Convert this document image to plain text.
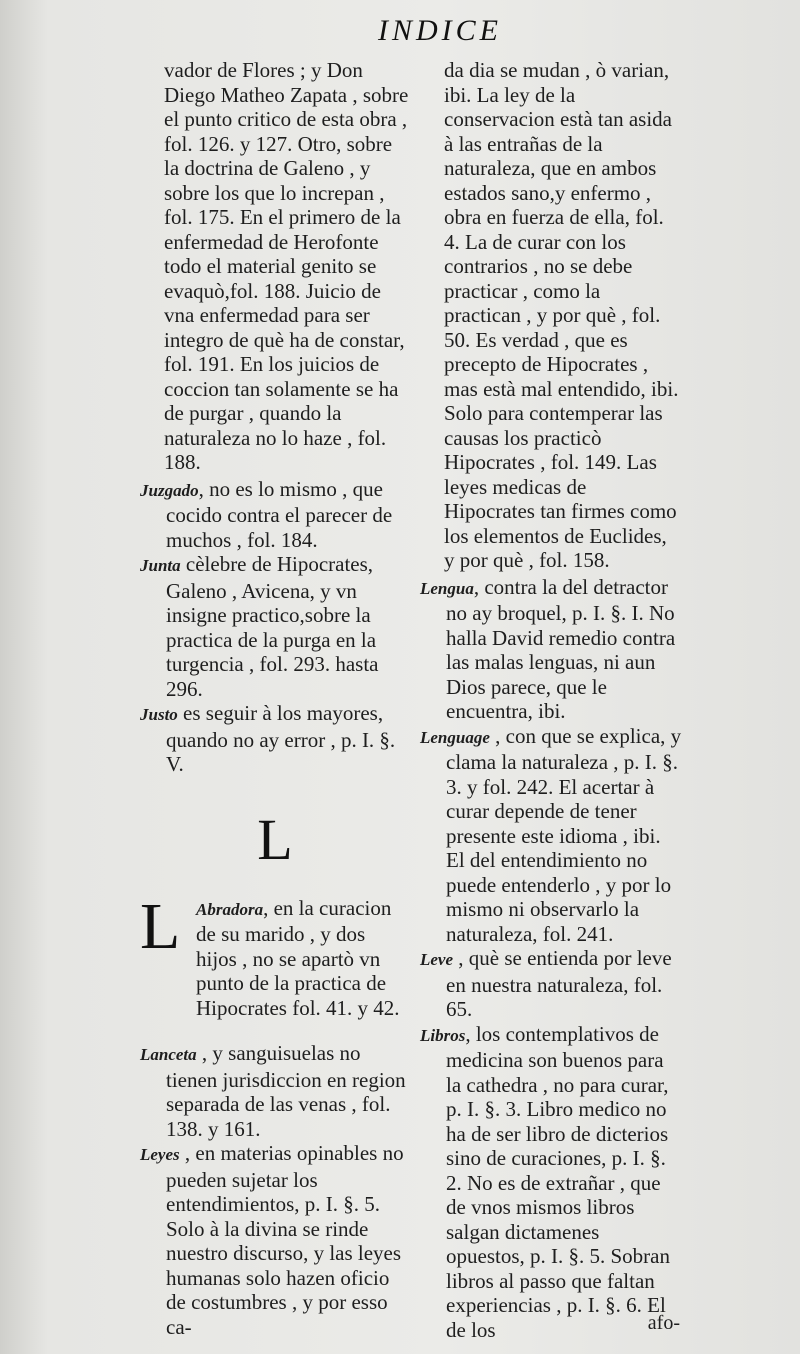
INDICE

vador de Flores ; y Don Diego Matheo Zapata , sobre el punto critico de esta obra , fol. 126. y 127. Otro, sobre la doctrina de Galeno , y sobre los que lo increpan , fol. 175. En el primero de la enfermedad de Herofonte todo el material genito se evaquò,fol. 188. Juicio de vna enfermedad para ser integro de què ha de constar, fol. 191. En los juicios de coccion tan solamente se ha de purgar , quando la naturaleza no lo haze , fol. 188.

Juzgado, no es lo mismo , que cocido contra el parecer de muchos , fol. 184.

Junta cèlebre de Hipocrates, Galeno , Avicena, y vn insigne practico,sobre la practica de la purga en la turgencia , fol. 293. hasta 296.

Justo es seguir à los mayores, quando no ay error , p. I. §. V.

L
L Abradora, en la curacion de su marido , y dos hijos , no se apartò vn punto de la practica de Hipocrates fol. 41. y 42.

Lanceta , y sanguisuelas no tienen jurisdiccion en region separada de las venas , fol. 138. y 161.

Leyes , en materias opinables no pueden sujetar los entendimientos, p. I. §. 5. Solo à la divina se rinde nuestro discurso, y las leyes humanas solo hazen oficio de costumbres , y por esso ca-

da dia se mudan , ò varian, ibi. La ley de la conservacion està tan asida à las entrañas de la naturaleza, que en ambos estados sano,y enfermo , obra en fuerza de ella, fol. 4. La de curar con los contrarios , no se debe practicar , como la practican , y por què , fol. 50. Es verdad , que es precepto de Hipocrates , mas està mal entendido, ibi. Solo para contemperar las causas los practicò Hipocrates , fol. 149. Las leyes medicas de Hipocrates tan firmes como los elementos de Euclides, y por què , fol. 158.

Lengua, contra la del detractor no ay broquel, p. I. §. I. No halla David remedio contra las malas lenguas, ni aun Dios parece, que le encuentra, ibi.

Lenguage , con que se explica, y clama la naturaleza , p. I. §. 3. y fol. 242. El acertar à curar depende de tener presente este idioma , ibi. El del entendimiento no puede entenderlo , y por lo mismo ni observarlo la naturaleza, fol. 241.

Leve , què se entienda por leve en nuestra naturaleza, fol. 65.

Libros, los contemplativos de medicina son buenos para la cathedra , no para curar, p. I. §. 3. Libro medico no ha de ser libro de dicterios sino de curaciones, p. I. §. 2. No es de extrañar , que de vnos mismos libros salgan dictamenes opuestos, p. I. §. 5. Sobran libros al passo que faltan experiencias , p. I. §. 6. El de los	afo-
